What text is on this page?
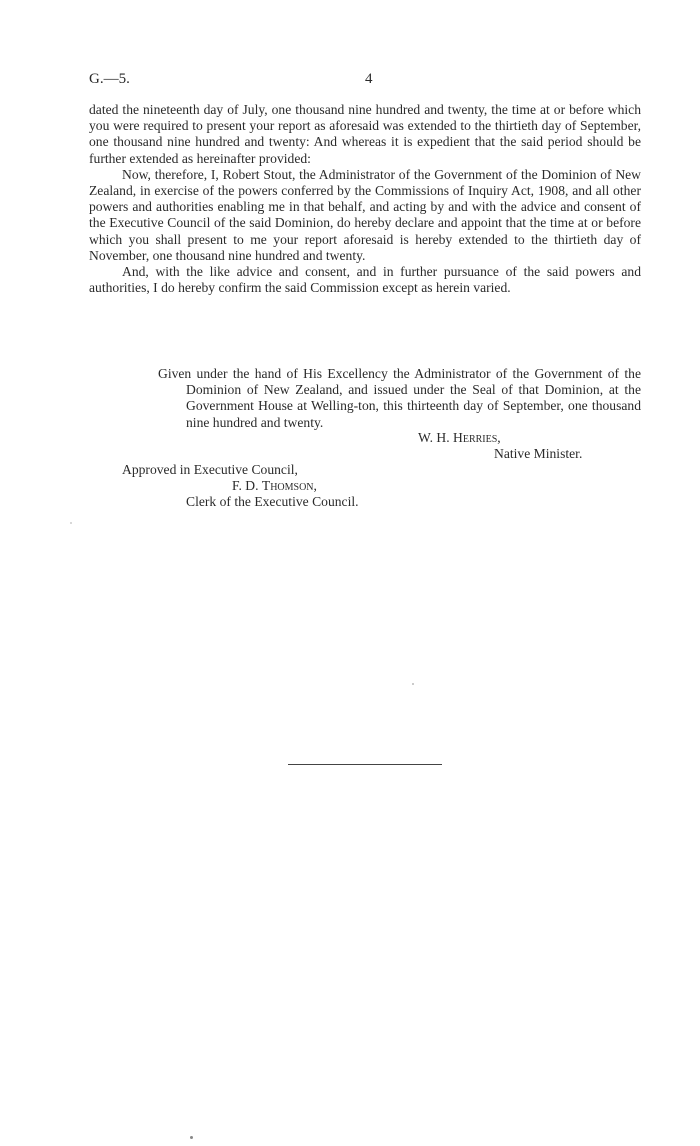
G.—5.	4

dated the nineteenth day of July, one thousand nine hundred and twenty, the time at or before which you were required to present your report as aforesaid was extended to the thirtieth day of September, one thousand nine hundred and twenty: And whereas it is expedient that the said period should be further extended as hereinafter provided:

Now, therefore, I, Robert Stout, the Administrator of the Government of the Dominion of New Zealand, in exercise of the powers conferred by the Commissions of Inquiry Act, 1908, and all other powers and authorities enabling me in that behalf, and acting by and with the advice and consent of the Executive Council of the said Dominion, do hereby declare and appoint that the time at or before which you shall present to me your report aforesaid is hereby extended to the thirtieth day of November, one thousand nine hundred and twenty.

And, with the like advice and consent, and in further pursuance of the said powers and authorities, I do hereby confirm the said Commission except as herein varied.

Given under the hand of His Excellency the Administrator of the Government of the Dominion of New Zealand, and issued under the Seal of that Dominion, at the Government House at Welling-ton, this thirteenth day of September, one thousand nine hundred and twenty.
W. H. Herries,
Native Minister.
Approved in Executive Council,
F. D. Thomson,
Clerk of the Executive Council.
